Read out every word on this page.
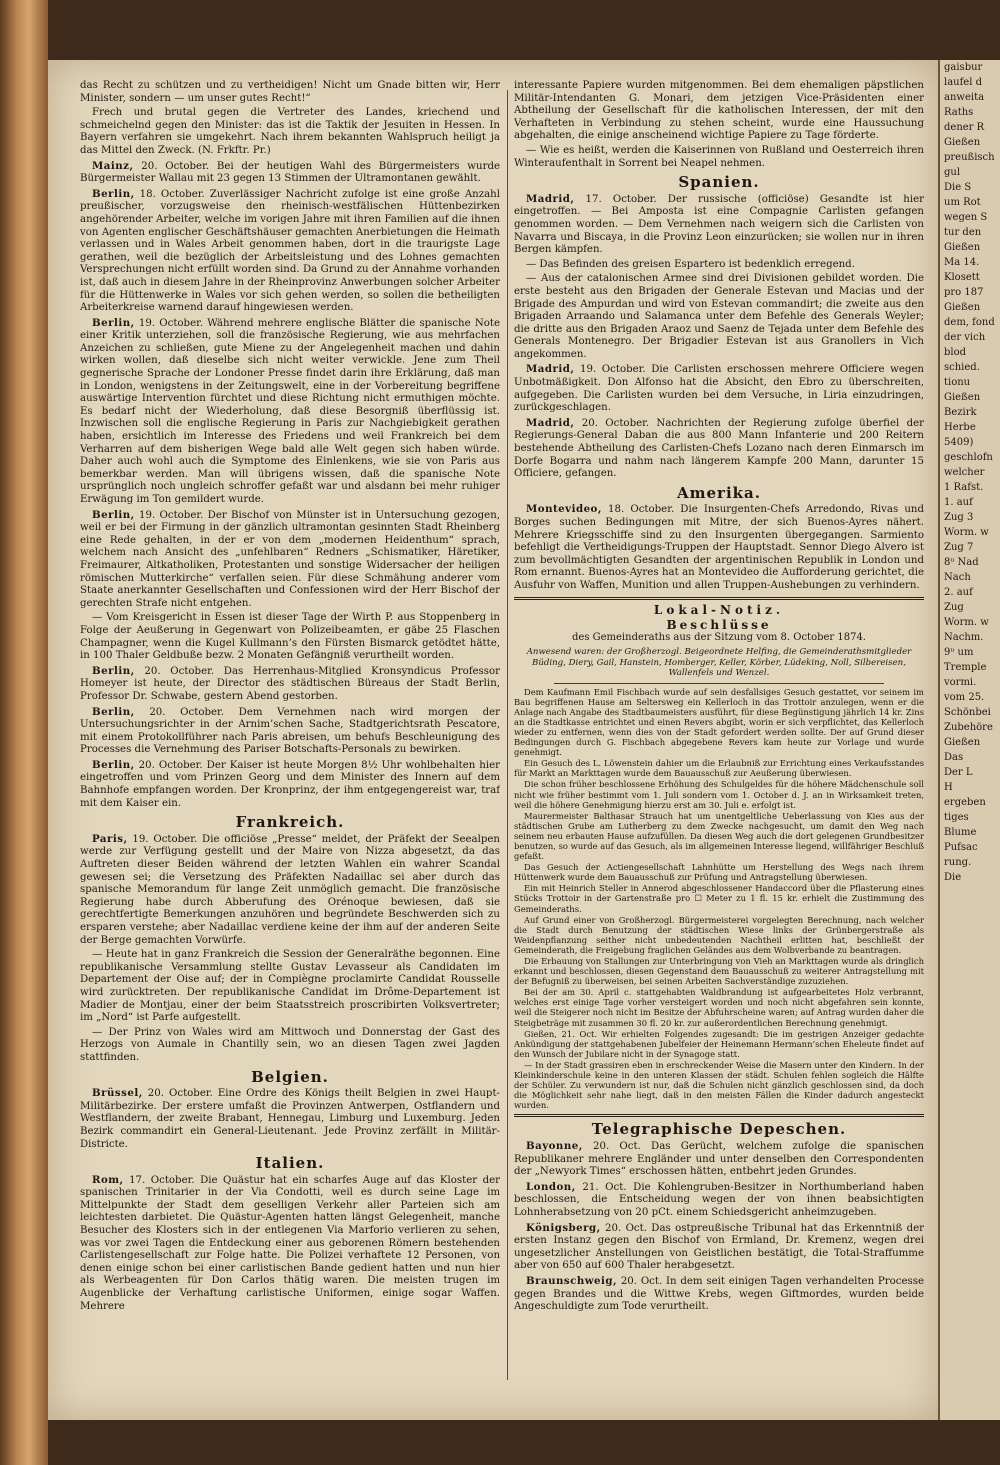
das Recht zu schützen und zu vertheidigen! Nicht um Gnade bitten wir, Herr Minister, sondern — um unser gutes Recht!“

Frech und brutal gegen die Vertreter des Landes, kriechend und schmeichelnd gegen den Minister: das ist die Taktik der Jesuiten in Hessen. In Bayern verfahren sie umgekehrt. Nach ihrem bekannten Wahlspruch heiligt ja das Mittel den Zweck. (N. Frkftr. Pr.)

Mainz, 20. October. Bei der heutigen Wahl des Bürgermeisters wurde Bürgermeister Wallau mit 23 gegen 13 Stimmen der Ultramontanen gewählt.

Berlin, 18. October. Zuverlässiger Nachricht zufolge ist eine große Anzahl preußischer, vorzugsweise den rheinisch-westfälischen Hüttenbezirken angehörender Arbeiter, welche im vorigen Jahre mit ihren Familien auf die ihnen von Agenten englischer Geschäftshäuser gemachten Anerbietungen die Heimath verlassen und in Wales Arbeit genommen haben, dort in die traurigste Lage gerathen, weil die bezüglich der Arbeitsleistung und des Lohnes gemachten Versprechungen nicht erfüllt worden sind. Da Grund zu der Annahme vorhanden ist, daß auch in diesem Jahre in der Rheinprovinz Anwerbungen solcher Arbeiter für die Hüttenwerke in Wales vor sich gehen werden, so sollen die betheiligten Arbeiterkreise warnend darauf hingewiesen werden.

Berlin, 19. October. Während mehrere englische Blätter die spanische Note einer Kritik unterziehen, soll die französische Regierung, wie aus mehrfachen Anzeichen zu schließen, gute Miene zu der Angelegenheit machen und dahin wirken wollen, daß dieselbe sich nicht weiter verwickle. Jene zum Theil gegnerische Sprache der Londoner Presse findet darin ihre Erklärung, daß man in London, wenigstens in der Zeitungswelt, eine in der Vorbereitung begriffene auswärtige Intervention fürchtet und diese Richtung nicht ermuthigen möchte. Es bedarf nicht der Wiederholung, daß diese Besorgniß überflüssig ist. Inzwischen soll die englische Regierung in Paris zur Nachgiebigkeit gerathen haben, ersichtlich im Interesse des Friedens und weil Frankreich bei dem Verharren auf dem bisherigen Wege bald alle Welt gegen sich haben würde. Daher auch wohl auch die Symptome des Einlenkens, wie sie von Paris aus bemerkbar werden. Man will übrigens wissen, daß die spanische Note ursprünglich noch ungleich schroffer gefaßt war und alsdann bei mehr ruhiger Erwägung im Ton gemildert wurde.

Berlin, 19. October. Der Bischof von Münster ist in Untersuchung gezogen, weil er bei der Firmung in der gänzlich ultramontan gesinnten Stadt Rheinberg eine Rede gehalten, in der er von dem „modernen Heidenthum“ sprach, welchem nach Ansicht des „unfehlbaren“ Redners „Schismatiker, Häretiker, Freimaurer, Altkatholiken, Protestanten und sonstige Widersacher der heiligen römischen Mutterkirche“ verfallen seien. Für diese Schmähung anderer vom Staate anerkannter Gesellschaften und Confessionen wird der Herr Bischof der gerechten Strafe nicht entgehen.

— Vom Kreisgericht in Essen ist dieser Tage der Wirth P. aus Stoppenberg in Folge der Aeußerung in Gegenwart von Polizeibeamten, er gäbe 25 Flaschen Champagner, wenn die Kugel Kullmann’s den Fürsten Bismarck getödtet hätte, in 100 Thaler Geldbuße bezw. 2 Monaten Gefängniß verurtheilt worden.

Berlin, 20. October. Das Herrenhaus-Mitglied Kronsyndicus Professor Homeyer ist heute, der Director des städtischen Büreaus der Stadt Berlin, Professor Dr. Schwabe, gestern Abend gestorben.

Berlin, 20. October. Dem Vernehmen nach wird morgen der Untersuchungsrichter in der Arnim’schen Sache, Stadtgerichtsrath Pescatore, mit einem Protokollführer nach Paris abreisen, um behufs Beschleunigung des Processes die Vernehmung des Pariser Botschafts-Personals zu bewirken.

Berlin, 20. October. Der Kaiser ist heute Morgen 8½ Uhr wohlbehalten hier eingetroffen und vom Prinzen Georg und dem Minister des Innern auf dem Bahnhofe empfangen worden. Der Kronprinz, der ihm entgegengereist war, traf mit dem Kaiser ein.

Frankreich.

Paris, 19. October. Die officiöse „Presse“ meldet, der Präfekt der Seealpen werde zur Verfügung gestellt und der Maire von Nizza abgesetzt, da das Auftreten dieser Beiden während der letzten Wahlen ein wahrer Scandal gewesen sei; die Versetzung des Präfekten Nadaillac sei aber durch das spanische Memorandum für lange Zeit unmöglich gemacht. Die französische Regierung habe durch Abberufung des Orénoque bewiesen, daß sie gerechtfertigte Bemerkungen anzuhören und begründete Beschwerden sich zu ersparen verstehe; aber Nadaillac verdiene keine der ihm auf der anderen Seite der Berge gemachten Vorwürfe.

— Heute hat in ganz Frankreich die Session der Generalräthe begonnen. Eine republikanische Versammlung stellte Gustav Levasseur als Candidaten im Departement der Oise auf; der in Compiègne proclamirte Candidat Rousselle wird zurücktreten. Der republikanische Candidat im Drôme-Departement ist Madier de Montjau, einer der beim Staatsstreich proscribirten Volksvertreter; im „Nord“ ist Parfe aufgestellt.

— Der Prinz von Wales wird am Mittwoch und Donnerstag der Gast des Herzogs von Aumale in Chantilly sein, wo an diesen Tagen zwei Jagden stattfinden.

Belgien.

Brüssel, 20. October. Eine Ordre des Königs theilt Belgien in zwei Haupt-Militärbezirke. Der erstere umfaßt die Provinzen Antwerpen, Ostflandern und Westflandern, der zweite Brabant, Hennegau, Limburg und Luxemburg. Jeden Bezirk commandirt ein General-Lieutenant. Jede Provinz zerfällt in Militär-Districte.

Italien.

Rom, 17. October. Die Quästur hat ein scharfes Auge auf das Kloster der spanischen Trinitarier in der Via Condotti, weil es durch seine Lage im Mittelpunkte der Stadt dem geselligen Verkehr aller Parteien sich am leichtesten darbietet. Die Quästur-Agenten hatten längst Gelegenheit, manche Besucher des Klosters sich in der entlegenen Via Marforio verlieren zu sehen, was vor zwei Tagen die Entdeckung einer aus geborenen Römern bestehenden Carlistengesellschaft zur Folge hatte. Die Polizei verhaftete 12 Personen, von denen einige schon bei einer carlistischen Bande gedient hatten und nun hier als Werbeagenten für Don Carlos thätig waren. Die meisten trugen im Augenblicke der Verhaftung carlistische Uniformen, einige sogar Waffen. Mehrere

interessante Papiere wurden mitgenommen. Bei dem ehemaligen päpstlichen Militär-Intendanten G. Monari, dem jetzigen Vice-Präsidenten einer Abtheilung der Gesellschaft für die katholischen Interessen, der mit den Verhafteten in Verbindung zu stehen scheint, wurde eine Haussuchung abgehalten, die einige anscheinend wichtige Papiere zu Tage förderte.

— Wie es heißt, werden die Kaiserinnen von Rußland und Oesterreich ihren Winteraufenthalt in Sorrent bei Neapel nehmen.

Spanien.

Madrid, 17. October. Der russische (officiöse) Gesandte ist hier eingetroffen. — Bei Amposta ist eine Compagnie Carlisten gefangen genommen worden. — Dem Vernehmen nach weigern sich die Carlisten von Navarra und Biscaya, in die Provinz Leon einzurücken; sie wollen nur in ihren Bergen kämpfen.

— Das Befinden des greisen Espartero ist bedenklich erregend.

— Aus der catalonischen Armee sind drei Divisionen gebildet worden. Die erste besteht aus den Brigaden der Generale Estevan und Macias und der Brigade des Ampurdan und wird von Estevan commandirt; die zweite aus den Brigaden Arraando und Salamanca unter dem Befehle des Generals Weyler; die dritte aus den Brigaden Araoz und Saenz de Tejada unter dem Befehle des Generals Montenegro. Der Brigadier Estevan ist aus Granollers in Vich angekommen.

Madrid, 19. October. Die Carlisten erschossen mehrere Officiere wegen Unbotmäßigkeit. Don Alfonso hat die Absicht, den Ebro zu überschreiten, aufgegeben. Die Carlisten wurden bei dem Versuche, in Liria einzudringen, zurückgeschlagen.

Madrid, 20. October. Nachrichten der Regierung zufolge überfiel der Regierungs-General Daban die aus 800 Mann Infanterie und 200 Reitern bestehende Abtheilung des Carlisten-Chefs Lozano nach deren Einmarsch im Dorfe Bogarra und nahm nach längerem Kampfe 200 Mann, darunter 15 Officiere, gefangen.

Amerika.

Montevideo, 18. October. Die Insurgenten-Chefs Arredondo, Rivas und Borges suchen Bedingungen mit Mitre, der sich Buenos-Ayres nähert. Mehrere Kriegsschiffe sind zu den Insurgenten übergegangen. Sarmiento befehligt die Vertheidigungs-Truppen der Hauptstadt. Sennor Diego Alvero ist zum bevollmächtigten Gesandten der argentinischen Republik in London und Rom ernannt. Buenos-Ayres hat an Montevideo die Aufforderung gerichtet, die Ausfuhr von Waffen, Munition und allen Truppen-Aushebungen zu verhindern.

Lokal-Notiz.
Beschlüsse
des Gemeinderaths aus der Sitzung vom 8. October 1874.
Anwesend waren: der Großherzogl. Beigeordnete Helfing, die Gemeinderathsmitglieder Büding, Diery, Gail, Hanstein, Homberger, Keller, Körber, Lüdeking, Noll, Silbereisen, Wallenfels und Wenzel.

Dem Kaufmann Emil Fischbach wurde auf sein desfallsiges Gesuch gestattet, vor seinem im Bau begriffenen Hause am Seltersweg ein Kellerloch in das Trottoir anzulegen, wenn er die Anlage nach Angabe des Stadtbaumeisters ausführt, für diese Begünstigung jährlich 14 kr. Zins an die Stadtkasse entrichtet und einen Revers abgibt, worin er sich verpflichtet, das Kellerloch wieder zu entfernen, wenn dies von der Stadt gefordert werden sollte. Der auf Grund dieser Bedingungen durch G. Fischbach abgegebene Revers kam heute zur Vorlage und wurde genehmigt.

Ein Gesuch des L. Löwenstein dahier um die Erlaubniß zur Errichtung eines Verkaufsstandes für Markt an Markttagen wurde dem Bauausschuß zur Aeußerung überwiesen.

Die schon früher beschlossene Erhöhung des Schulgeldes für die höhere Mädchenschule soll nicht wie früher bestimmt vom 1. Juli sondern vom 1. October d. J. an in Wirksamkeit treten, weil die höhere Genehmigung hierzu erst am 30. Juli e. erfolgt ist.

Maurermeister Balthasar Strauch hat um unentgeltliche Ueberlassung von Kies aus der städtischen Grube am Lutherberg zu dem Zwecke nachgesucht, um damit den Weg nach seinem neu erbauten Hause aufzufüllen. Da diesen Weg auch die dort gelegenen Grundbesitzer benutzen, so wurde auf das Gesuch, als im allgemeinen Interesse liegend, willfähriger Beschluß gefaßt.

Das Gesuch der Actiengesellschaft Lahnhütte um Herstellung des Wegs nach ihrem Hüttenwerk wurde dem Bauausschuß zur Prüfung und Antragstellung überwiesen.

Ein mit Heinrich Steller in Annerod abgeschlossener Handaccord über die Pflasterung eines Stücks Trottoir in der Gartenstraße pro ☐ Meter zu 1 fl. 15 kr. erhielt die Zustimmung des Gemeinderaths.

Auf Grund einer von Großherzogl. Bürgermeisterei vorgelegten Berechnung, nach welcher die Stadt durch Benutzung der städtischen Wiese links der Grünbergerstraße als Weidenpflanzung seither nicht unbedeutenden Nachtheil erlitten hat, beschließt der Gemeinderath, die Freigebung fraglichen Geländes aus dem Wolbverbande zu beantragen.

Die Erbauung von Stallungen zur Unterbringung von Vieh an Markttagen wurde als dringlich erkannt und beschlossen, diesen Gegenstand dem Bauausschuß zu weiterer Antragstellung mit der Befugniß zu überweisen, bei seinen Arbeiten Sachverständige zuzuziehen.

Bei der am 30. April c. stattgehabten Waldbrandung ist aufgearbeitetes Holz verbrannt, welches erst einige Tage vorher versteigert worden und noch nicht abgefahren sein konnte, weil die Steigerer noch nicht im Besitze der Abfuhrscheine waren; auf Antrag wurden daher die Steigbeträge mit zusammen 30 fl. 20 kr. zur außerordentlichen Berechnung genehmigt.

Gießen, 21. Oct. Wir erhielten Folgendes zugesandt: Die im gestrigen Anzeiger gedachte Ankündigung der stattgehabenen Jubelfeier der Heinemann Hermann’schen Eheleute findet auf den Wunsch der Jubilare nicht in der Synagoge statt.

— In der Stadt grassiren eben in erschreckender Weise die Masern unter den Kindern. In der Kleinkinderschule keine in den unteren Klassen der städt. Schulen fehlen sogleich die Hälfte der Schüler. Zu verwundern ist nur, daß die Schulen nicht gänzlich geschlossen sind, da doch die Möglichkeit sehr nahe liegt, daß in den meisten Fällen die Kinder dadurch angesteckt wurden.

Telegraphische Depeschen.

Bayonne, 20. Oct. Das Gerücht, welchem zufolge die spanischen Republikaner mehrere Engländer und unter denselben den Correspondenten der „Newyork Times“ erschossen hätten, entbehrt jeden Grundes.

London, 21. Oct. Die Kohlengruben-Besitzer in Northumberland haben beschlossen, die Entscheidung wegen der von ihnen beabsichtigten Lohnherabsetzung von 20 pCt. einem Schiedsgericht anheimzugeben.

Königsberg, 20. Oct. Das ostpreußische Tribunal hat das Erkenntniß der ersten Instanz gegen den Bischof von Ermland, Dr. Kremenz, wegen drei ungesetzlicher Anstellungen von Geistlichen bestätigt, die Total-Straffumme aber von 650 auf 600 Thaler herabgesetzt.

Braunschweig, 20. Oct. In dem seit einigen Tagen verhandelten Processe gegen Brandes und die Wittwe Krebs, wegen Giftmordes, wurden beide Angeschuldigte zum Tode verurtheilt.

gaisbur
laufel d
anweita
Raths
dener R
Gießen
preußisch
gul
Die S
um Rot
wegen S
tur den
Gießen
Ma 14.
Klosett
pro 187
Gießen
dem, fond
der vich
blod
schied.
tionu
Gießen
Bezirk
Herbe
5409)
geschlofn
welcher
1 Rafst.
1. auf
Zug 3
Worm. w
Zug 7
8ᵘ Nad
Nach
2. auf
Zug
Worm. w
Nachm.
9ᵘ um
Tremple
vormi.
vom 25.
Schönbei
Zubehöre
Gießen
Das
Der L
H
ergeben
tiges
Blume
Pufsac
rung.
Die
